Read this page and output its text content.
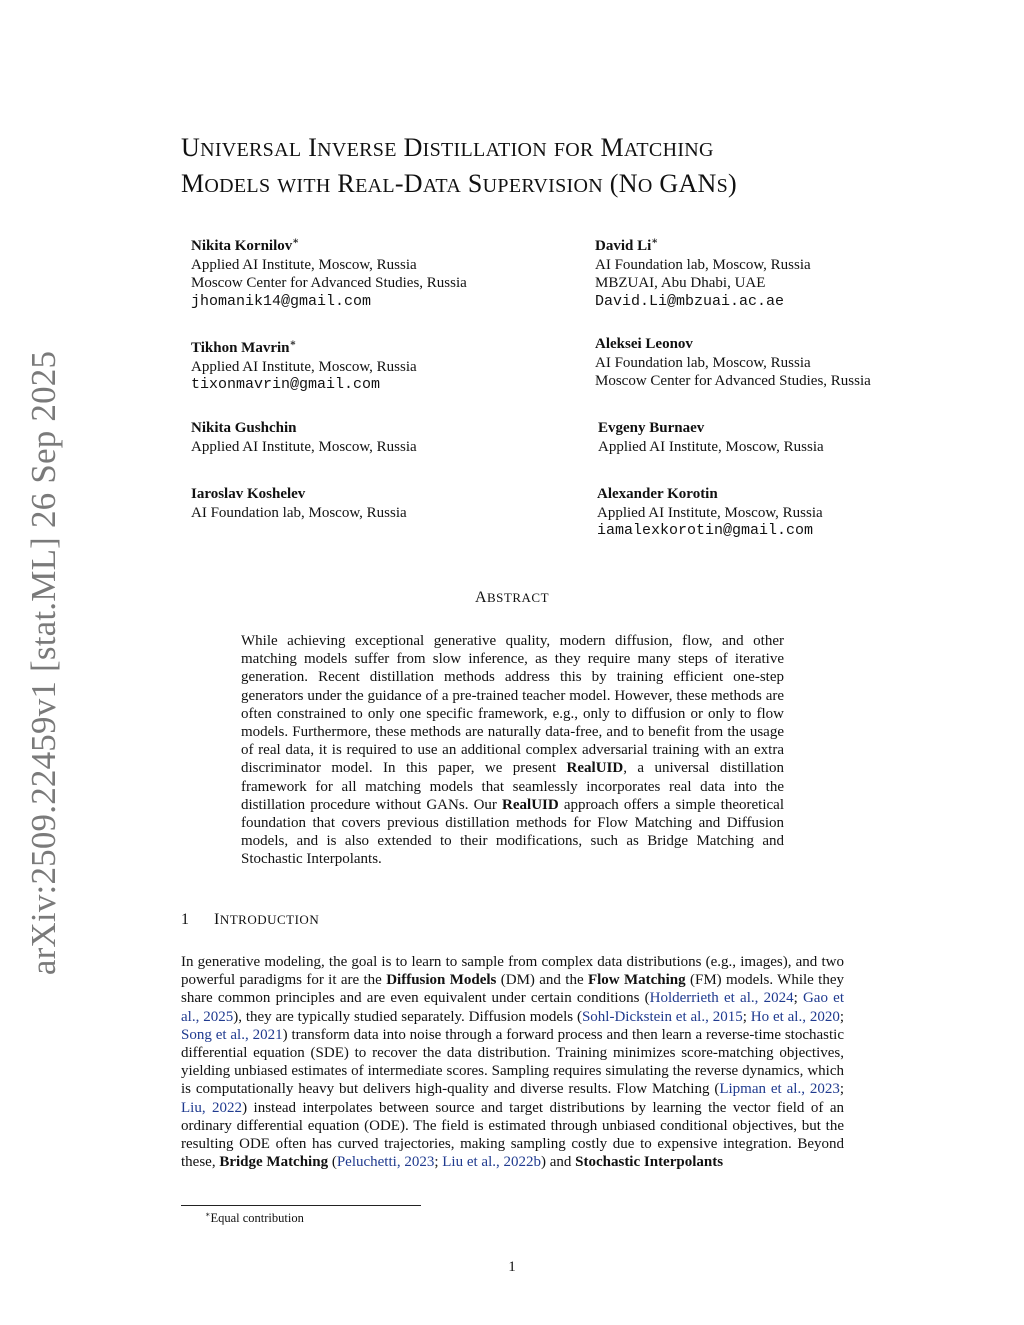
arXiv:2509.22459v1 [stat.ML] 26 Sep 2025
UNIVERSAL INVERSE DISTILLATION FOR MATCHING
MODELS WITH REAL-DATA SUPERVISION (NO GANS)
Nikita Kornilov∗
Applied AI Institute, Moscow, Russia
Moscow Center for Advanced Studies, Russia
jhomanik14@gmail.com
David Li∗
AI Foundation lab, Moscow, Russia
MBZUAI, Abu Dhabi, UAE
David.Li@mbzuai.ac.ae
Tikhon Mavrin∗
Applied AI Institute, Moscow, Russia
tixonmavrin@gmail.com
Aleksei Leonov
AI Foundation lab, Moscow, Russia
Moscow Center for Advanced Studies, Russia
Nikita Gushchin
Applied AI Institute, Moscow, Russia
Evgeny Burnaev
Applied AI Institute, Moscow, Russia
Iaroslav Koshelev
AI Foundation lab, Moscow, Russia
Alexander Korotin
Applied AI Institute, Moscow, Russia
iamalexkorotin@gmail.com
ABSTRACT
While achieving exceptional generative quality, modern diffusion, flow, and other matching models suffer from slow inference, as they require many steps of iterative generation. Recent distillation methods address this by training efficient one-step generators under the guidance of a pre-trained teacher model. However, these methods are often constrained to only one specific framework, e.g., only to diffusion or only to flow models. Furthermore, these methods are naturally data-free, and to benefit from the usage of real data, it is required to use an additional complex adversarial training with an extra discriminator model. In this paper, we present RealUID, a universal distillation framework for all matching models that seamlessly incorporates real data into the distillation procedure without GANs. Our RealUID approach offers a simple theoretical foundation that covers previous distillation methods for Flow Matching and Diffusion models, and is also extended to their modifications, such as Bridge Matching and Stochastic Interpolants.
1 INTRODUCTION
In generative modeling, the goal is to learn to sample from complex data distributions (e.g., images), and two powerful paradigms for it are the Diffusion Models (DM) and the Flow Matching (FM) models. While they share common principles and are even equivalent under certain conditions (Holderrieth et al., 2024; Gao et al., 2025), they are typically studied separately. Diffusion models (Sohl-Dickstein et al., 2015; Ho et al., 2020; Song et al., 2021) transform data into noise through a forward process and then learn a reverse-time stochastic differential equation (SDE) to recover the data distribution. Training minimizes score-matching objectives, yielding unbiased estimates of intermediate scores. Sampling requires simulating the reverse dynamics, which is computationally heavy but delivers high-quality and diverse results. Flow Matching (Lipman et al., 2023; Liu, 2022) instead interpolates between source and target distributions by learning the vector field of an ordinary differential equation (ODE). The field is estimated through unbiased conditional objectives, but the resulting ODE often has curved trajectories, making sampling costly due to expensive integration. Beyond these, Bridge Matching (Peluchetti, 2023; Liu et al., 2022b) and Stochastic Interpolants
∗Equal contribution
1
